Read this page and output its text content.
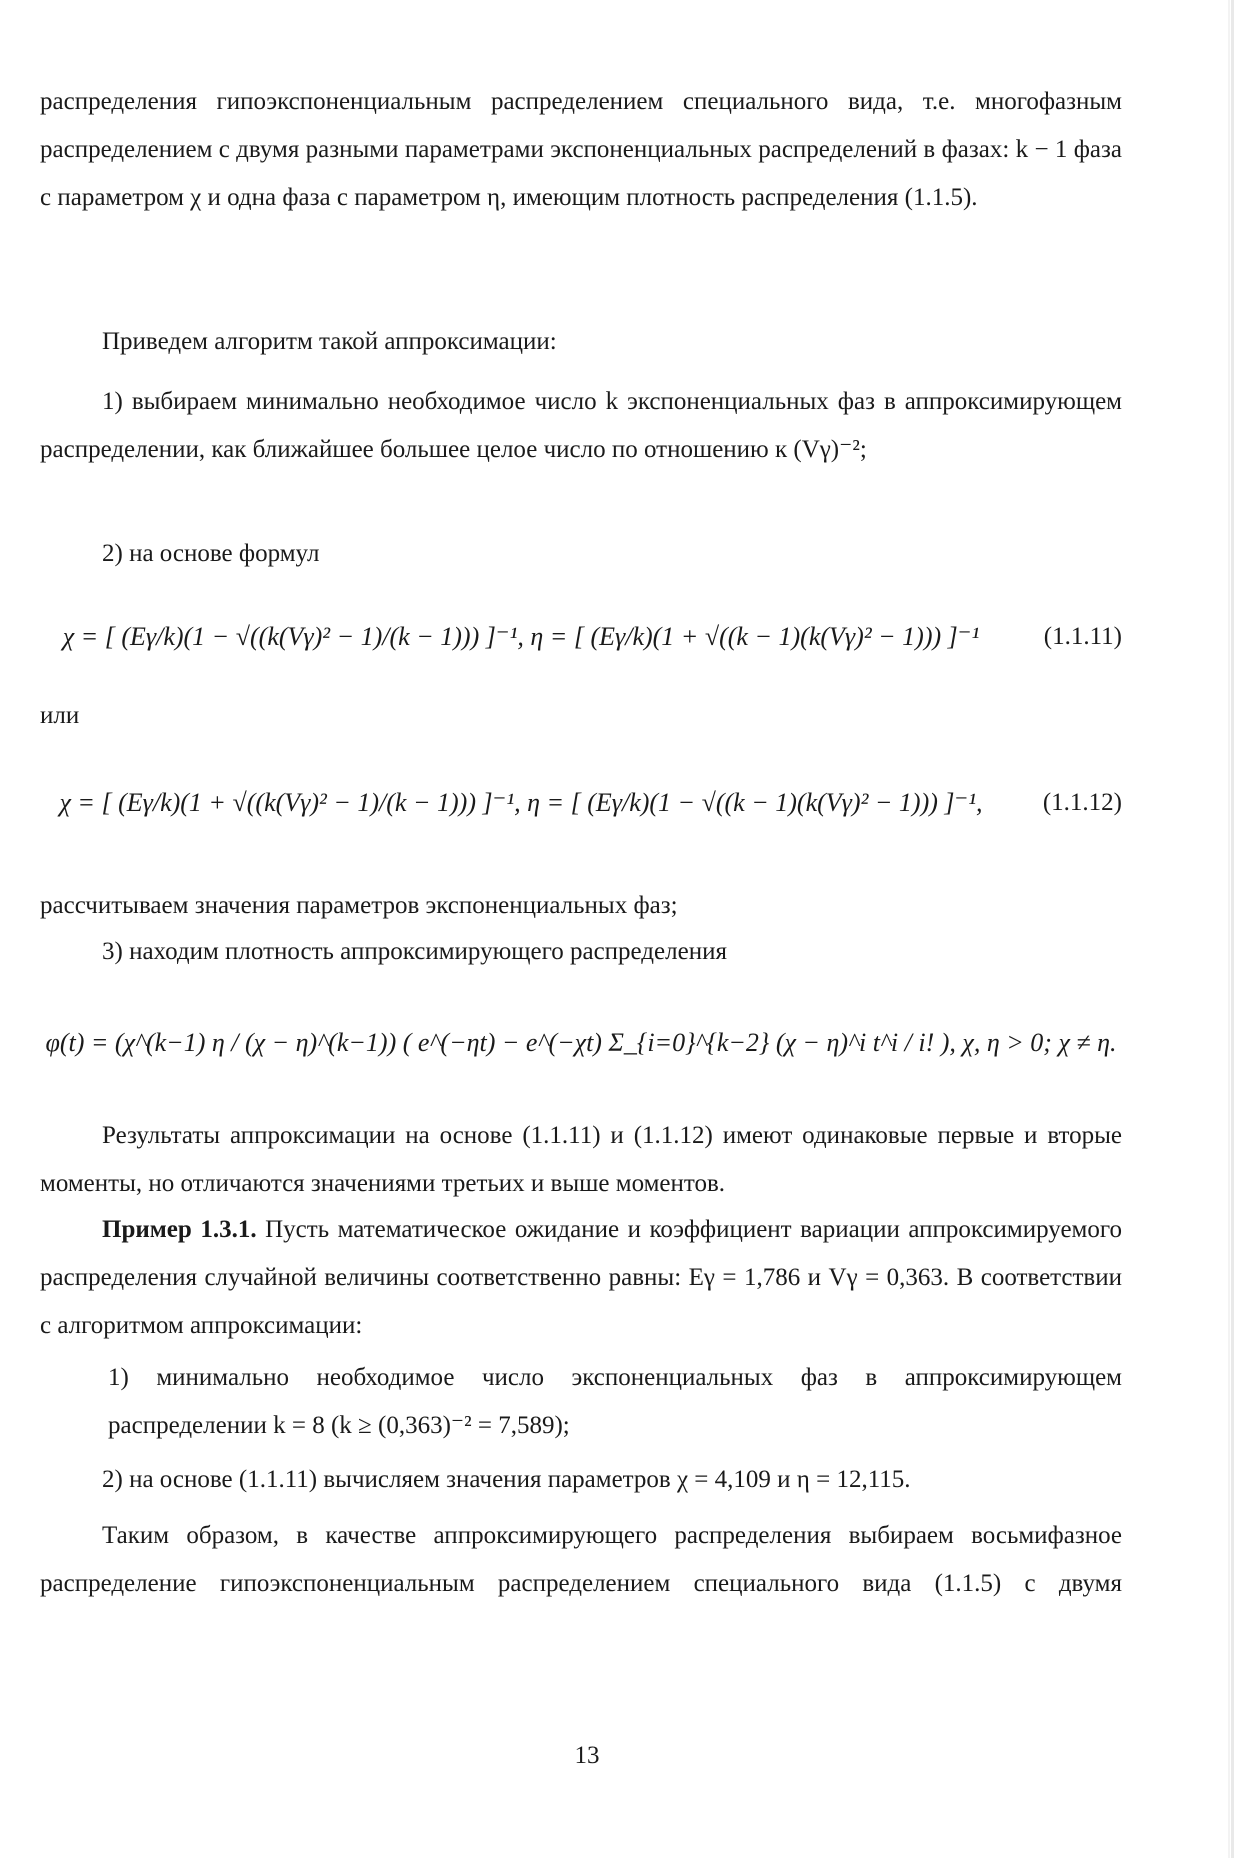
распределения гипоэкспоненциальным распределением специального вида, т.е. многофазным распределением с двумя разными параметрами экспоненциальных распределений в фазах: k − 1 фаза с параметром χ и одна фаза с параметром η, имеющим плотность распределения (1.1.5).

Приведем алгоритм такой аппроксимации:

1) выбираем минимально необходимое число k экспоненциальных фаз в аппроксимирующем распределении, как ближайшее большее целое число по отношению к (Vγ)⁻²;

2) на основе формул

χ = [ (Eγ/k)(1 − √((k(Vγ)² − 1)/(k − 1))) ]⁻¹, η = [ (Eγ/k)(1 + √((k − 1)(k(Vγ)² − 1))) ]⁻¹	(1.1.11)

или

χ = [ (Eγ/k)(1 + √((k(Vγ)² − 1)/(k − 1))) ]⁻¹, η = [ (Eγ/k)(1 − √((k − 1)(k(Vγ)² − 1))) ]⁻¹,	(1.1.12)

рассчитываем значения параметров экспоненциальных фаз;

3) находим плотность аппроксимирующего распределения

φ(t) = (χ^(k−1) η / (χ − η)^(k−1)) ( e^(−ηt) − e^(−χt) Σ_{i=0}^{k−2} (χ − η)^i t^i / i! ), χ, η > 0; χ ≠ η.

Результаты аппроксимации на основе (1.1.11) и (1.1.12) имеют одинаковые первые и вторые моменты, но отличаются значениями третьих и выше моментов.

Пример 1.3.1. Пусть математическое ожидание и коэффициент вариации аппроксимируемого распределения случайной величины соответственно равны: Eγ = 1,786 и Vγ = 0,363. В соответствии с алгоритмом аппроксимации:

1) минимально необходимое число экспоненциальных фаз в аппроксимирующем распределении k = 8 (k ≥ (0,363)⁻² = 7,589);

2) на основе (1.1.11) вычисляем значения параметров χ = 4,109 и η = 12,115.

Таким образом, в качестве аппроксимирующего распределения выбираем восьмифазное распределение гипоэкспоненциальным распределением специального вида (1.1.5) с двумя

13
